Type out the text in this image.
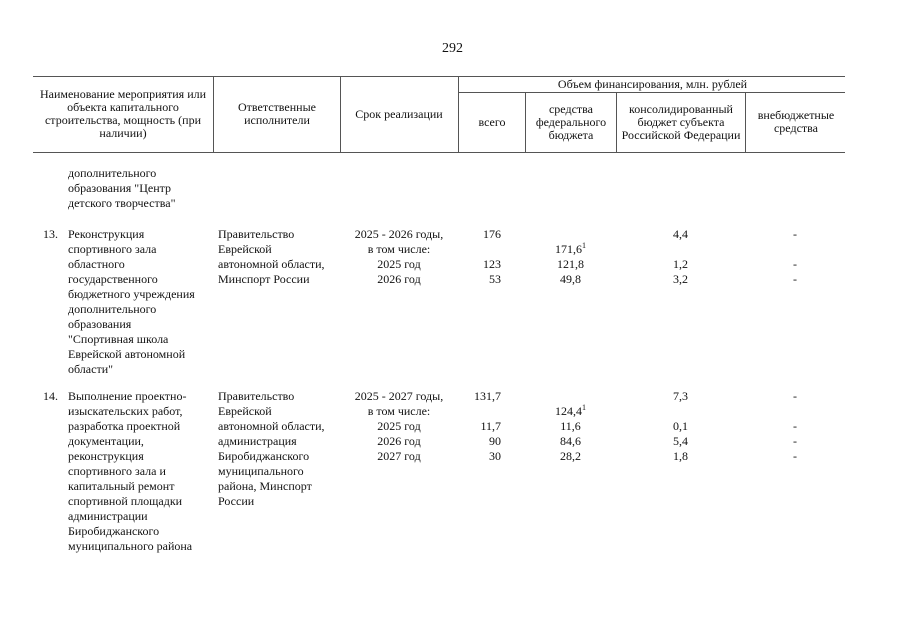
292
Наименование мероприятия или объекта капитального строительства, мощность (при наличии)
Ответственные исполнители	Срок реализации
Объем финансирования, млн. рублей
всего
средства федерального бюджета
консолидированный бюджет субъекта Российской Федерации
внебюджетные средства
дополнительного
образования "Центр
детского творчества"
13. Реконструкция
спортивного зала
областного
государственного
бюджетного учреждения
дополнительного
образования
"Спортивная школа
Еврейской автономной
области"
Правительство
Еврейской
автономной области,
Минспорт России
2025 - 2026 годы,
в том числе:
2025 год
2026 год
176

123
53

171,6$^1$
121,8
49,8

4,4

1,2
3,2
-

-
-
14. Выполнение проектно-
изыскательских работ,
разработка проектной
документации,
реконструкция
спортивного зала и
капитальный ремонт
спортивной площадки
администрации
Биробиджанского
муниципального района
Правительство
Еврейской
автономной области,
администрация
Биробиджанского
муниципального
района, Минспорт
России
2025 - 2027 годы,
в том числе:
2025 год
2026 год
2027 год
131,7

11,7
90
30

124,4$^1$
11,6
84,6
28,2

7,3

0,1
5,4
1,8
-

-
-
-
